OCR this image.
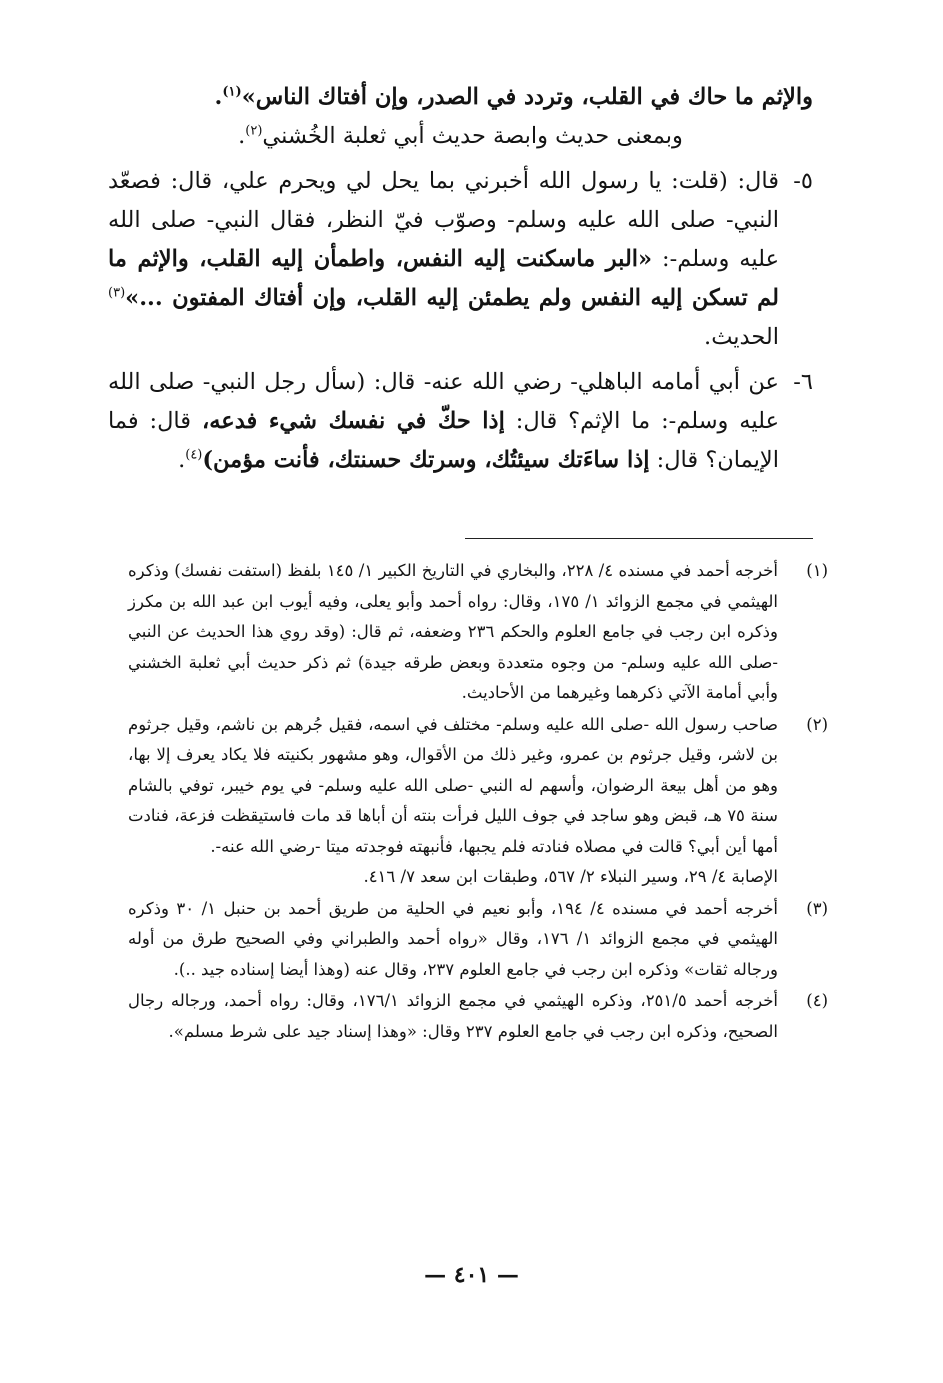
والإثم ما حاك في القلب، وتردد في الصدر، وإن أفتاك الناس»$^{(١)}$.

وبمعنى حديث وابصة حديث أبي ثعلبة الخُشني$^{(٢)}$.

٥-
قال: (قلت: يا رسول الله أخبرني بما يحل لي ويحرم علي، قال: فصعّد النبي- صلى الله عليه وسلم- وصوّب فيّ النظر، فقال النبي- صلى الله عليه وسلم-: «البر ماسكنت إليه النفس، واطمأن إليه القلب، والإثم ما لم تسكن إليه النفس ولم يطمئن إليه القلب، وإن أفتاك المفتون ...»$^{(٣)}$ الحديث.
٦-
عن أبي أمامه الباهلي- رضي الله عنه- قال: (سأل رجل النبي- صلى الله عليه وسلم-: ما الإثم؟ قال: إذا حكّ في نفسك شيء فدعه، قال: فما الإيمان؟ قال: إذا ساءَتك سيئتُك، وسرتك حسنتك، فأنت مؤمن)$^{(٤)}$.
(١)
أخرجه أحمد في مسنده ٤/ ٢٢٨، والبخاري في التاريخ الكبير ١/ ١٤٥ بلفظ (استفت نفسك) وذكره الهيثمي في مجمع الزوائد ١/ ١٧٥، وقال: رواه أحمد وأبو يعلى، وفيه أيوب ابن عبد الله بن مكرز وذكره ابن رجب في جامع العلوم والحكم ٢٣٦ وضعفه، ثم قال: (وقد روي هذا الحديث عن النبي -صلى الله عليه وسلم- من وجوه متعددة وبعض طرقه جيدة) ثم ذكر حديث أبي ثعلبة الخشني وأبي أمامة الآتي ذكرهما وغيرهما من الأحاديث.
(٢)
صاحب رسول الله -صلى الله عليه وسلم- مختلف في اسمه، فقيل جُرهم بن ناشم، وقيل جرثوم بن لاشر، وقيل جرثوم بن عمرو، وغير ذلك من الأقوال، وهو مشهور بكنيته فلا يكاد يعرف إلا بها، وهو من أهل بيعة الرضوان، وأسهم له النبي -صلى الله عليه وسلم- في يوم خيبر، توفي بالشام سنة ٧٥ هـ، قبض وهو ساجد في جوف الليل فرأت بنته أن أباها قد مات فاستيقظت فزعة، فنادت أمها أين أبي؟ قالت في مصلاه فنادته فلم يجبها، فأنبهته فوجدته ميتا -رضي الله عنه-.
الإصابة ٤/ ٢٩، وسير النبلاء ٢/ ٥٦٧، وطبقات ابن سعد ٧/ ٤١٦.
(٣)
أخرجه أحمد في مسنده ٤/ ١٩٤، وأبو نعيم في الحلية من طريق أحمد بن حنبل ١/ ٣٠ وذكره الهيثمي في مجمع الزوائد ١/ ١٧٦، وقال «رواه أحمد والطبراني وفي الصحيح طرق من أوله ورجاله ثقات» وذكره ابن رجب في جامع العلوم ٢٣٧، وقال عنه (وهذا أيضا إسناده جيد ..).
(٤)
أخرجه أحمد ٢٥١/٥، وذكره الهيثمي في مجمع الزوائد ١٧٦/١، وقال: رواه أحمد، ورجاله رجال الصحيح، وذكره ابن رجب في جامع العلوم ٢٣٧ وقال: «وهذا إسناد جيد على شرط مسلم».
— ٤٠١ —
